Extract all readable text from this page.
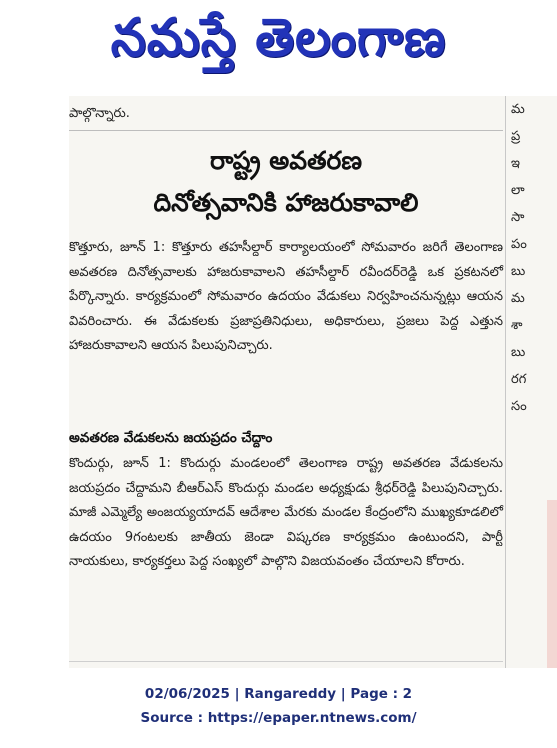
నమస్తే తెలంగాణ
పాల్గొన్నారు.
రాష్ట్ర అవతరణ
దినోత్సవానికి హాజరుకావాలి
కొత్తూరు, జూన్ 1: కొత్తూరు తహసీల్దార్ కార్యాలయంలో సోమవారం జరిగే తెలంగాణ అవతరణ దినోత్సవాలకు హాజరుకావాలని తహసీల్దార్ రవీందర్‌రెడ్డి ఒక ప్రకటనలో పేర్కొన్నారు. కార్యక్రమంలో సోమవారం ఉదయం వేడుకలు నిర్వహించనున్నట్లు ఆయన వివరించారు. ఈ వేడుకలకు ప్రజాప్రతినిధులు, అధికారులు, ప్రజలు పెద్ద ఎత్తున హాజరుకావాలని ఆయన పిలుపునిచ్చారు.
అవతరణ వేడుకలను జయప్రదం చేద్దాం
కొందుర్గు, జూన్ 1: కొందుర్గు మండలంలో తెలంగాణ రాష్ట్ర అవతరణ వేడుకలను జయప్రదం చేద్దామని బీఆర్‌ఎస్ కొందుర్గు మండల అధ్యక్షుడు శ్రీధర్‌రెడ్డి పిలుపునిచ్చారు. మాజీ ఎమ్మెల్యే అంజయ్యయాదవ్ ఆదేశాల మేరకు మండల కేంద్రంలోని ముఖ్యకూడలిలో ఉదయం 9గంటలకు జాతీయ జెండా విష్కరణ కార్యక్రమం ఉంటుందని, పార్టీ నాయకులు, కార్యకర్తలు పెద్ద సంఖ్యలో పాల్గొని విజయవంతం చేయాలని కోరారు.
మ
ప్ర
ఇ
లా
సా
పం
బు
మ
శా
బు
రగ
సం
02/06/2025 | Rangareddy | Page : 2
Source : https://epaper.ntnews.com/
